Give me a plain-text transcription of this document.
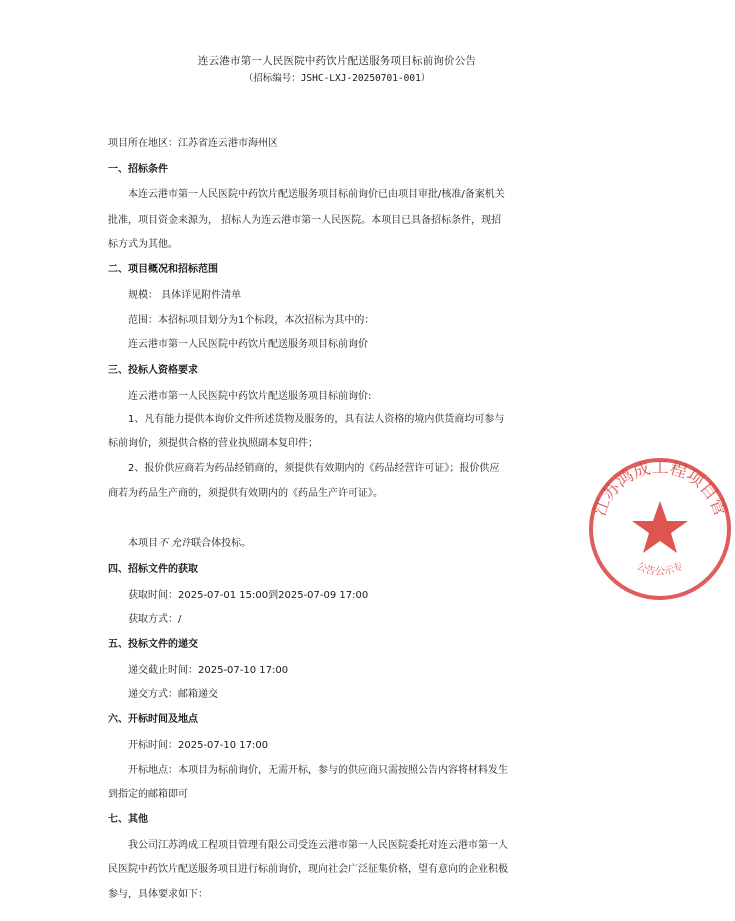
连云港市第一人民医院中药饮片配送服务项目标前询价公告
（招标编号：JSHC-LXJ-20250701-001）
项目所在地区：江苏省连云港市海州区
一、招标条件
本连云港市第一人民医院中药饮片配送服务项目标前询价已由项目审批/核准/备案机关
批准，项目资金来源为， 招标人为连云港市第一人民医院。本项目已具备招标条件，现招
标方式为其他。
二、项目概况和招标范围
规模： 具体详见附件清单
范围：本招标项目划分为1个标段，本次招标为其中的：
连云港市第一人民医院中药饮片配送服务项目标前询价
三、投标人资格要求
连云港市第一人民医院中药饮片配送服务项目标前询价:
1、凡有能力提供本询价文件所述货物及服务的，具有法人资格的境内供货商均可参与
标前询价，须提供合格的营业执照副本复印件；
2、报价供应商若为药品经销商的，须提供有效期内的《药品经营许可证》；报价供应
商若为药品生产商的，须提供有效期内的《药品生产许可证》。
本项目不 允许联合体投标。
四、招标文件的获取
获取时间：2025-07-01 15:00到2025-07-09 17:00
获取方式：/
五、投标文件的递交
递交截止时间：2025-07-10 17:00
递交方式：邮箱递交
六、开标时间及地点
开标时间：2025-07-10 17:00
开标地点：本项目为标前询价，无需开标，参与的供应商只需按照公告内容将材料发生
到指定的邮箱即可
七、其他
我公司江苏鸿成工程项目管理有限公司受连云港市第一人民医院委托对连云港市第一人
民医院中药饮片配送服务项目进行标前询价，现向社会广泛征集价格，望有意向的企业积极
参与，具体要求如下：
江苏鸿成工程项目管
公告公示专
